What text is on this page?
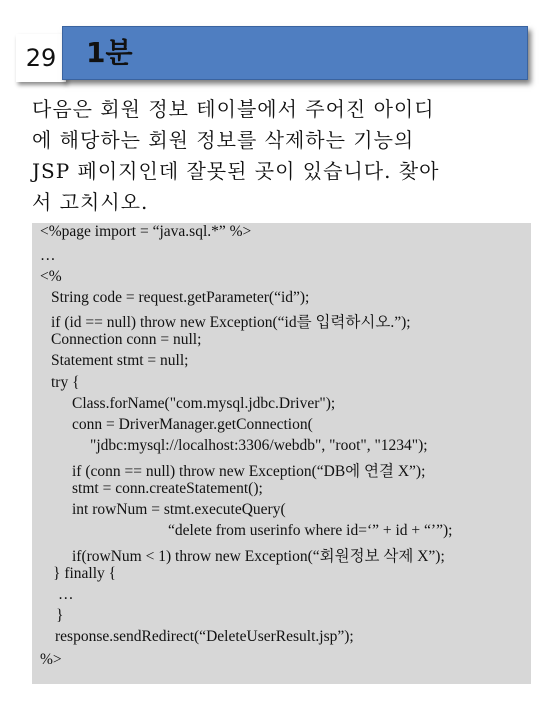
29	1분
다음은 회원 정보 테이블에서 주어진 아이디
에 해당하는 회원 정보를 삭제하는 기능의
JSP 페이지인데 잘못된 곳이 있습니다. 찾아
서 고치시오.
<%page import = “java.sql.*” %>
…
<%
String code = request.getParameter(“id”);
if (id == null) throw new Exception(“id를 입력하시오.”);
Connection conn = null;
Statement stmt = null;
try {
Class.forName("com.mysql.jdbc.Driver");
conn = DriverManager.getConnection(
"jdbc:mysql://localhost:3306/webdb", "root", "1234");
if (conn == null) throw new Exception(“DB에 연결 X”);
stmt = conn.createStatement();
int rowNum = stmt.executeQuery(
“delete from userinfo where id=‘” + id + “’”);
if(rowNum < 1) throw new Exception(“회원정보 삭제 X”);
} finally {
…
}
response.sendRedirect(“DeleteUserResult.jsp”);
%>
